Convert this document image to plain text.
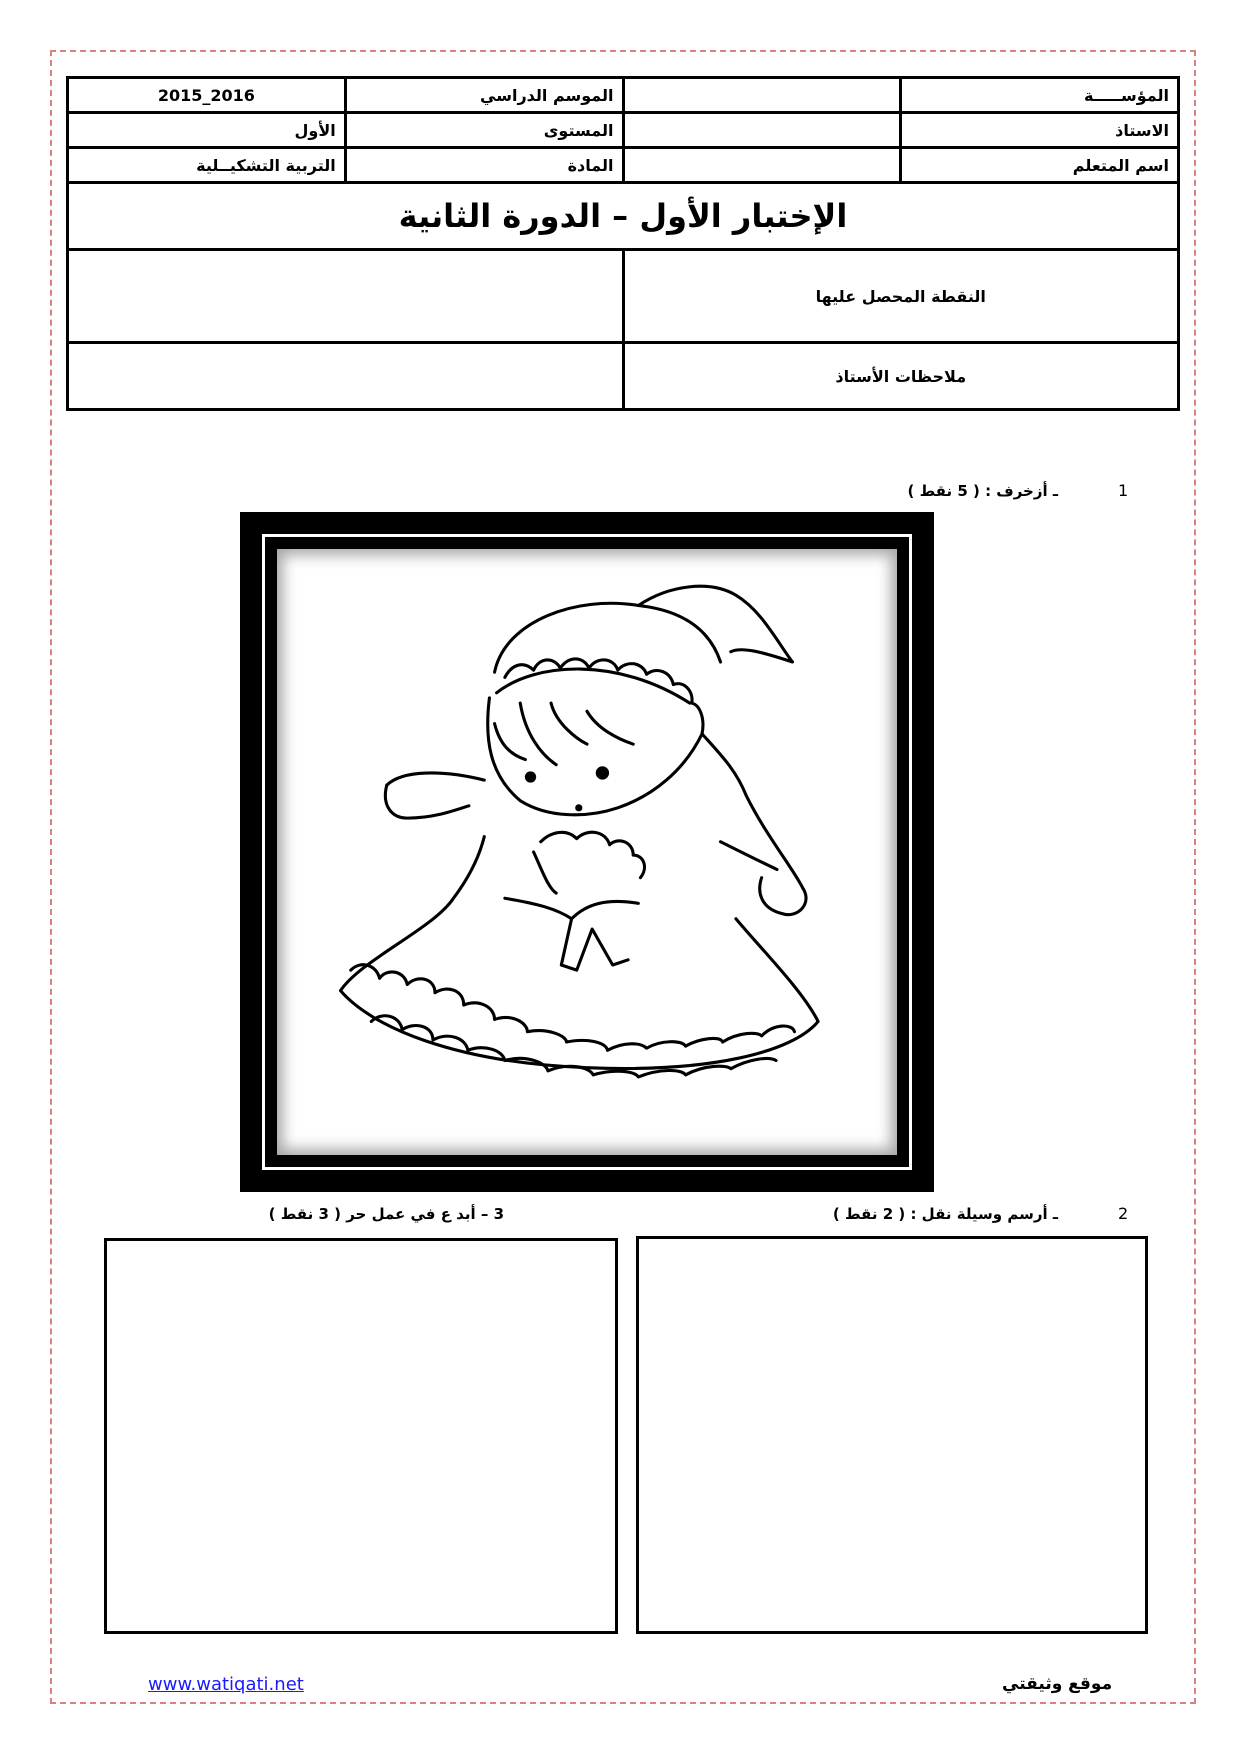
المؤســـــة		الموسم الدراسي	2016_2015
الاستاذ		المستوى	الأول
اسم المتعلم		المادة	التربية التشكيــلية
الإختبار الأول – الدورة الثانية			
النقطة المحصل عليها			
ملاحظات الأستاذ			
1
ـ أزخرف : ( 5 نقط )
2
ـ أرسم وسيلة نقل : ( 2 نقط )
3 – أبد ع في عمل حر ( 3 نقط )
www.watiqati.net	موقع وثيقتي
